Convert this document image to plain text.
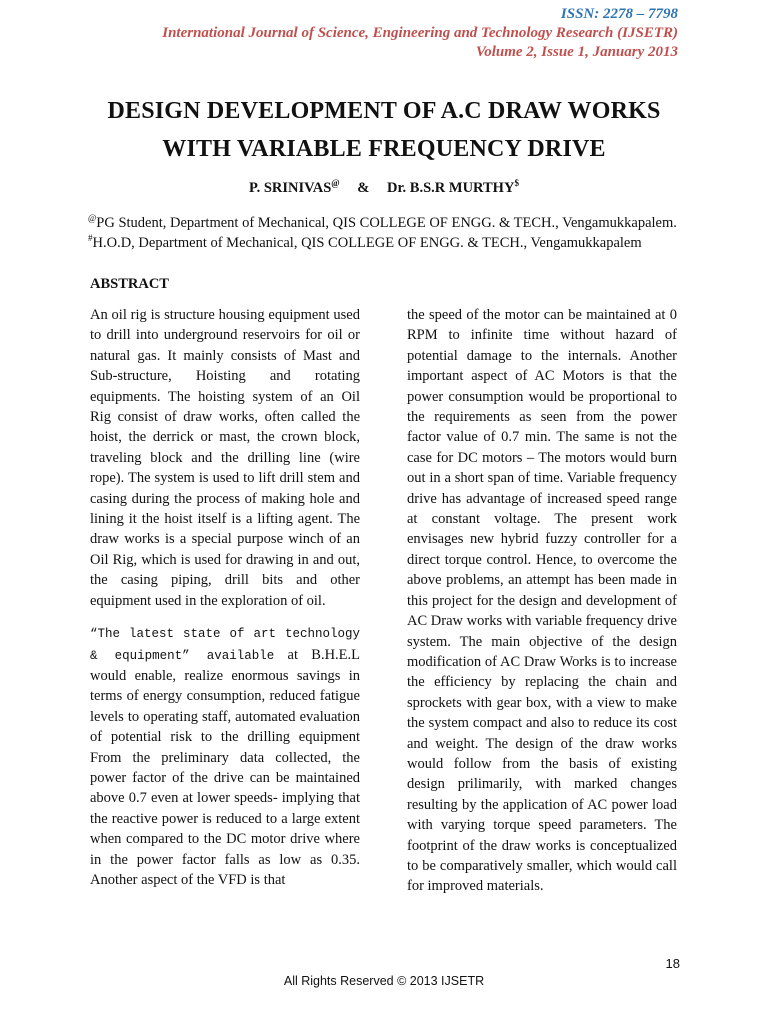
ISSN: 2278 – 7798
International Journal of Science, Engineering and Technology Research (IJSETR)
Volume 2, Issue 1, January 2013
DESIGN DEVELOPMENT OF A.C DRAW WORKS
WITH VARIABLE FREQUENCY DRIVE
P. SRINIVAS@ & Dr. B.S.R MURTHY$
@PG Student, Department of Mechanical, QIS COLLEGE OF ENGG. & TECH., Vengamukkapalem.
#H.O.D, Department of Mechanical, QIS COLLEGE OF ENGG. & TECH., Vengamukkapalem
ABSTRACT

An oil rig is structure housing equipment used to drill into underground reservoirs for oil or natural gas. It mainly consists of Mast and Sub-structure, Hoisting and rotating equipments. The hoisting system of an Oil Rig consist of draw works, often called the hoist, the derrick or mast, the crown block, traveling block and the drilling line (wire rope). The system is used to lift drill stem and casing during the process of making hole and lining it the hoist itself is a lifting agent. The draw works is a special purpose winch of an Oil Rig, which is used for drawing in and out, the casing piping, drill bits and other equipment used in the exploration of oil.

“The latest state of art technology & equipment” available at B.H.E.L would enable, realize enormous savings in terms of energy consumption, reduced fatigue levels to operating staff, automated evaluation of potential risk to the drilling equipment From the preliminary data collected, the power factor of the drive can be maintained above 0.7 even at lower speeds- implying that the reactive power is reduced to a large extent when compared to the DC motor drive where in the power factor falls as low as 0.35. Another aspect of the VFD is that

the speed of the motor can be maintained at 0 RPM to infinite time without hazard of potential damage to the internals. Another important aspect of AC Motors is that the power consumption would be proportional to the requirements as seen from the power factor value of 0.7 min. The same is not the case for DC motors – The motors would burn out in a short span of time. Variable frequency drive has advantage of increased speed range at constant voltage. The present work envisages new hybrid fuzzy controller for a direct torque control. Hence, to overcome the above problems, an attempt has been made in this project for the design and development of AC Draw works with variable frequency drive system. The main objective of the design modification of AC Draw Works is to increase the efficiency by replacing the chain and sprockets with gear box, with a view to make the system compact and also to reduce its cost and weight. The design of the draw works would follow from the basis of existing design prilimarily, with marked changes resulting by the application of AC power load with varying torque speed parameters. The footprint of the draw works is conceptualized to be comparatively smaller, which would call for improved materials.

18
All Rights Reserved © 2013 IJSETR
